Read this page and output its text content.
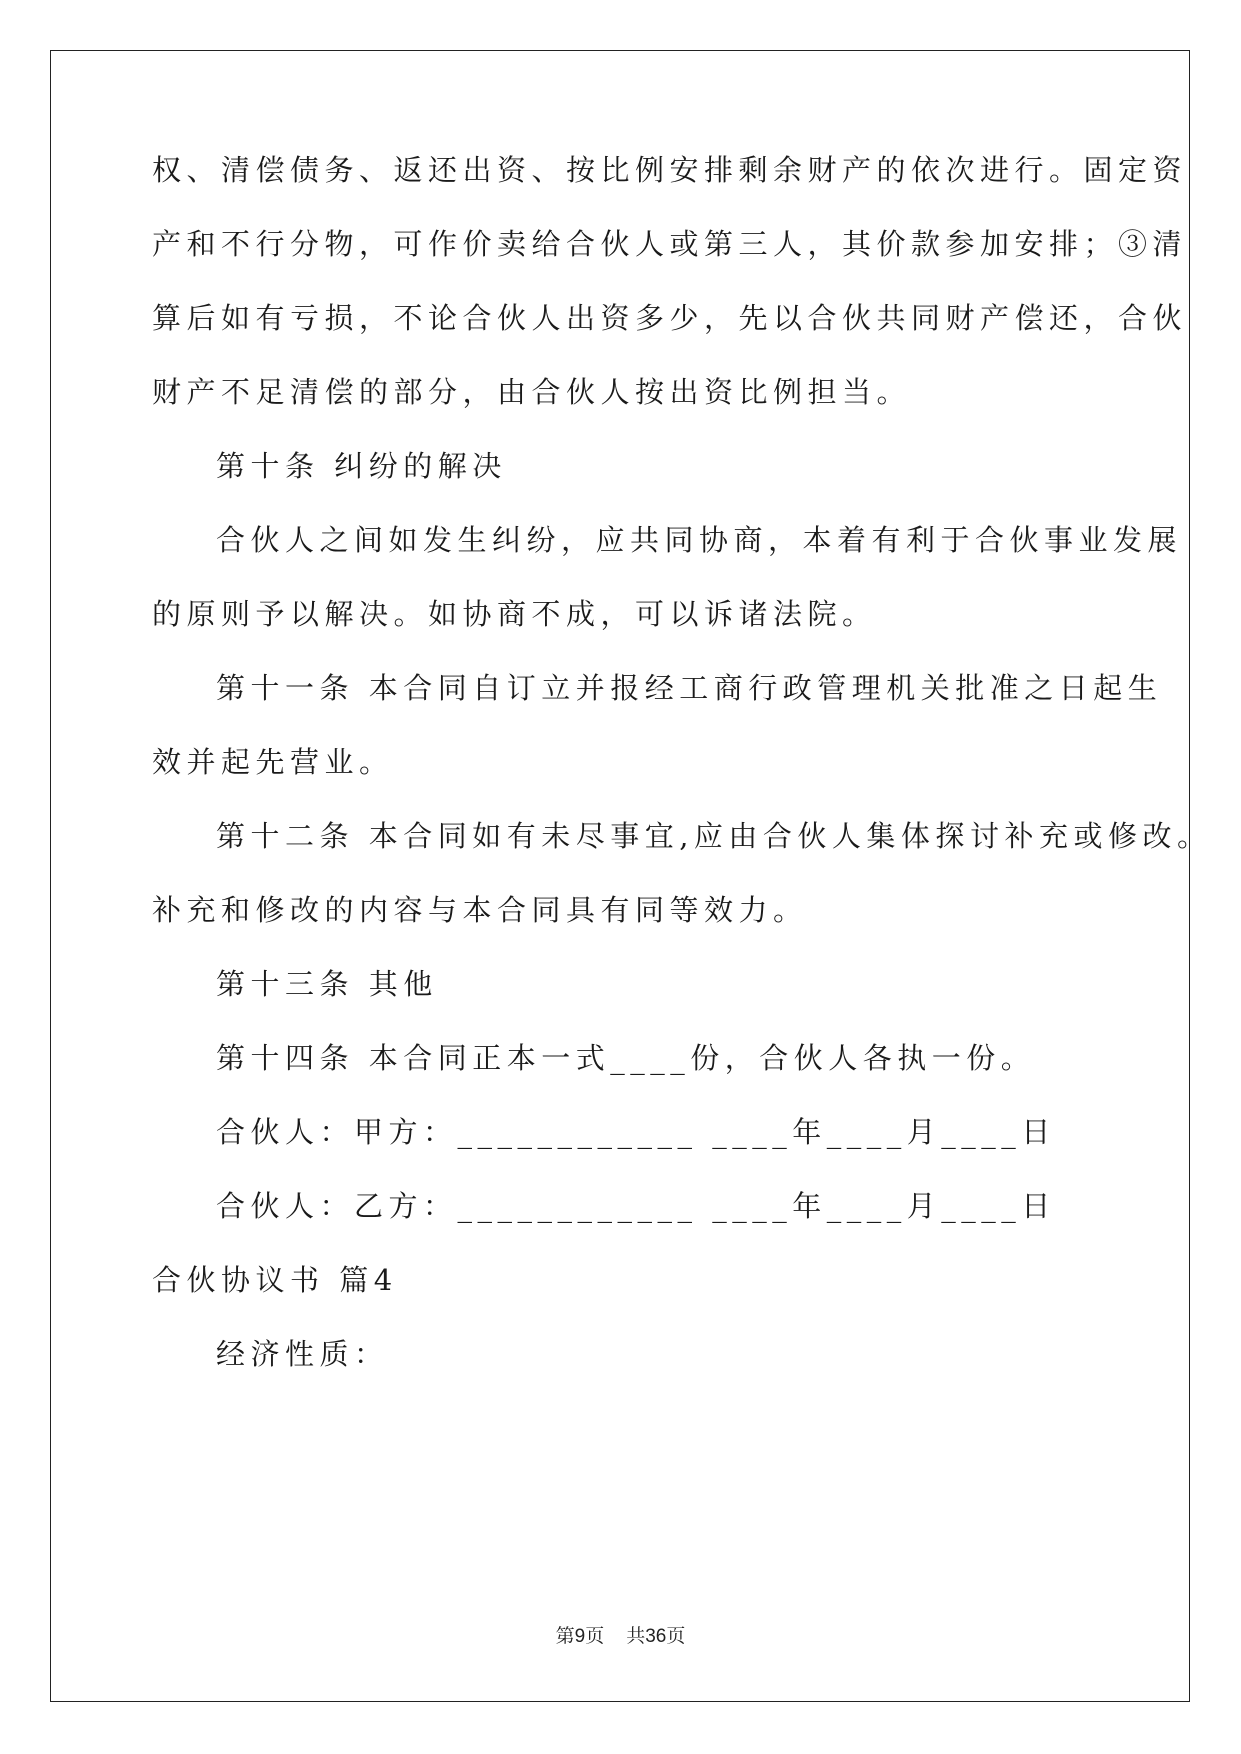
权、清偿债务、返还出资、按比例安排剩余财产的依次进行。固定资
产和不行分物，可作价卖给合伙人或第三人，其价款参加安排；③清
算后如有亏损，不论合伙人出资多少，先以合伙共同财产偿还，合伙
财产不足清偿的部分，由合伙人按出资比例担当。
第十条 纠纷的解决
合伙人之间如发生纠纷，应共同协商，本着有利于合伙事业发展
的原则予以解决。如协商不成，可以诉诸法院。
第十一条 本合同自订立并报经工商行政管理机关批准之日起生
效并起先营业。
第十二条 本合同如有未尽事宜,应由合伙人集体探讨补充或修改。
补充和修改的内容与本合同具有同等效力。
第十三条 其他
第十四条 本合同正本一式____份，合伙人各执一份。
合伙人：甲方：____________ ____年____月____日
合伙人：乙方：____________ ____年____月____日
合伙协议书 篇4
经济性质：
第9页 共36页
